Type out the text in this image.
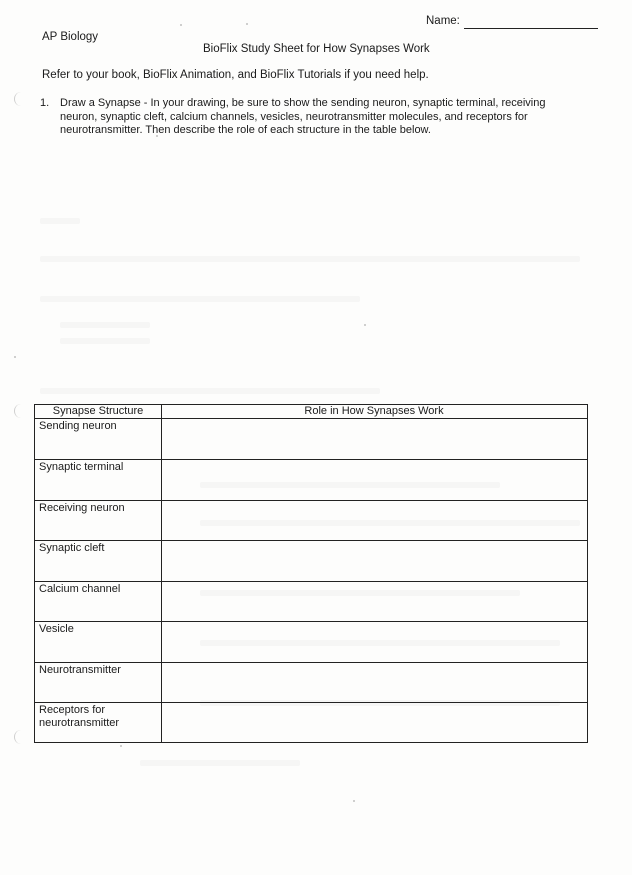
Name:
AP Biology
BioFlix Study Sheet for How Synapses Work
Refer to your book, BioFlix Animation, and BioFlix Tutorials if you need help.
1. Draw a Synapse - In your drawing, be sure to show the sending neuron, synaptic terminal, receiving neuron, synaptic cleft, calcium channels, vesicles, neurotransmitter molecules, and receptors for neurotransmitter. Then describe the role of each structure in the table below.
Synapse Structure	Role in How Synapses Work
Sending neuron
Synaptic terminal
Receiving neuron
Synaptic cleft
Calcium channel
Vesicle
Neurotransmitter
Receptors for neurotransmitter
